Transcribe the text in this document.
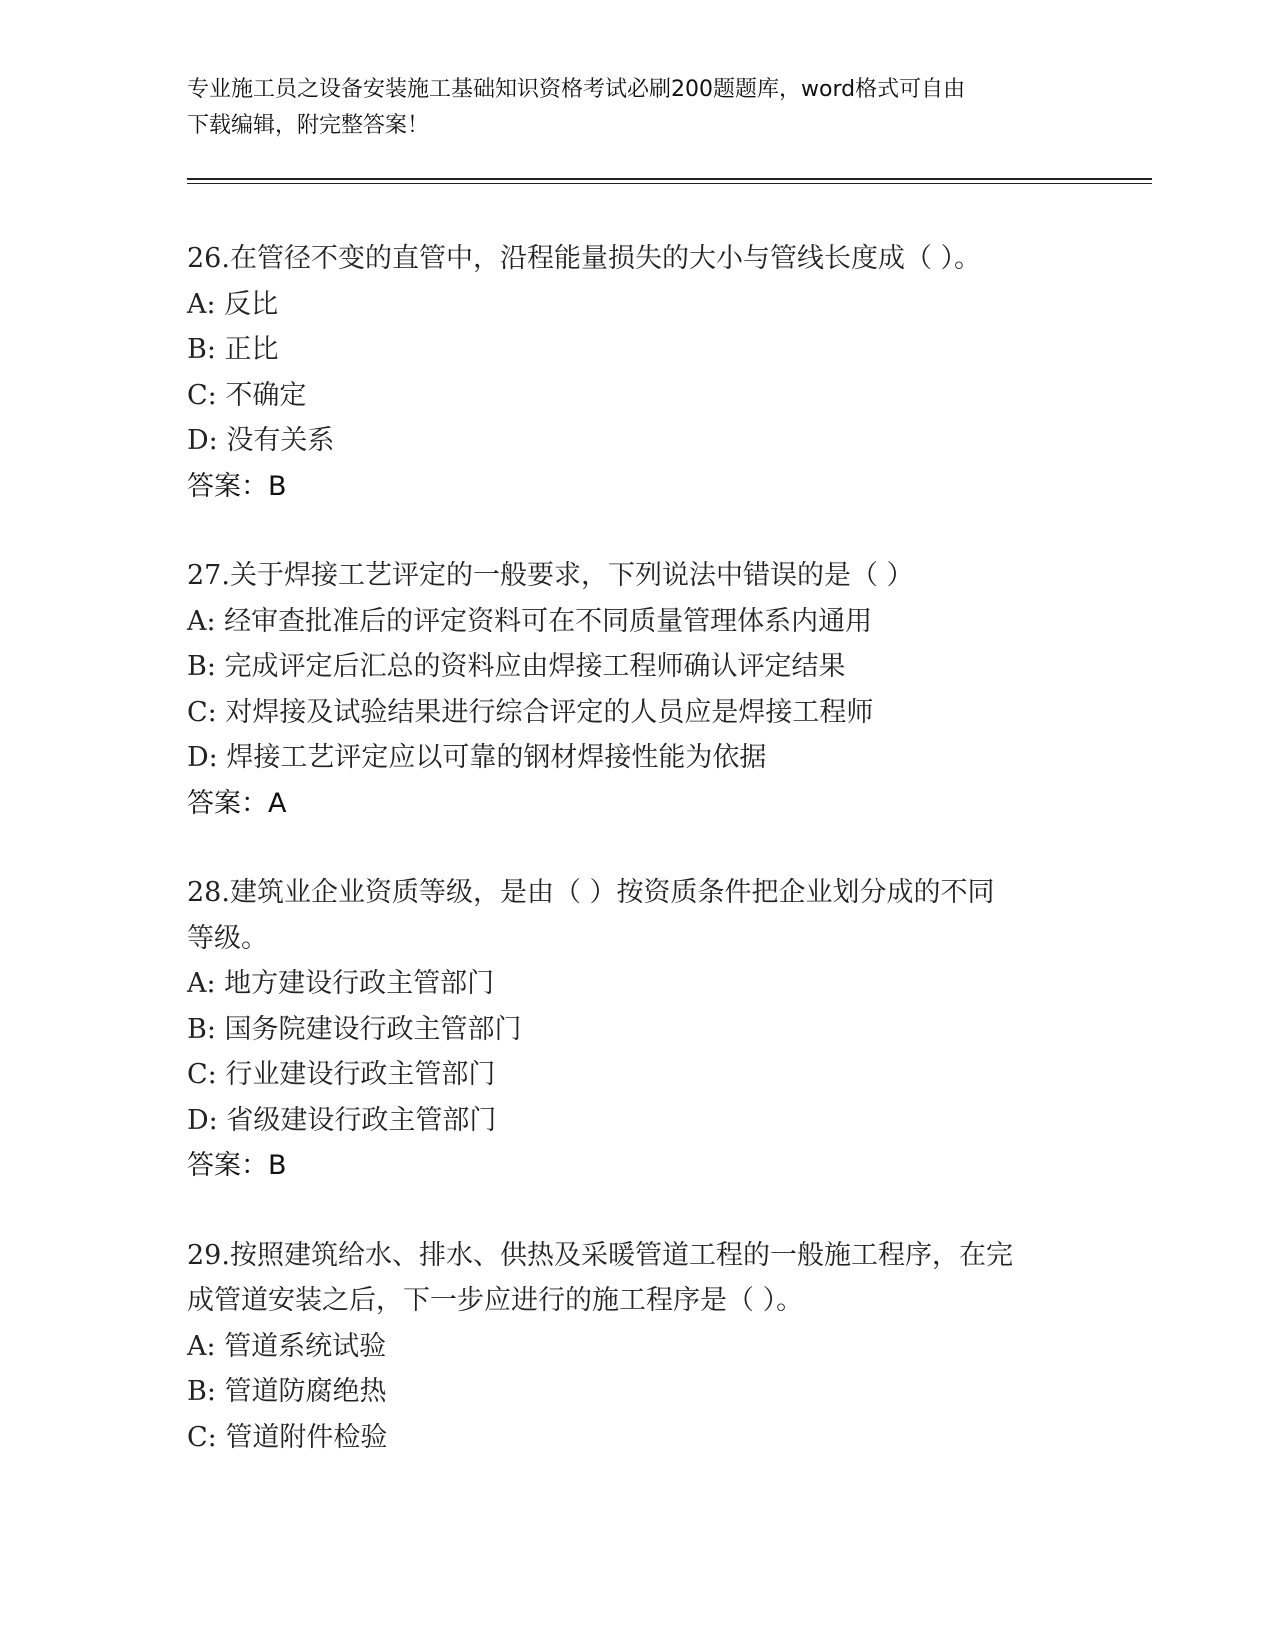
专业施工员之设备安装施工基础知识资格考试必刷200题题库，word格式可自由
下载编辑，附完整答案！
26.在管径不变的直管中，沿程能量损失的大小与管线长度成（ ）。
A: 反比
B: 正比
C: 不确定
D: 没有关系
答案：B
27.关于焊接工艺评定的一般要求，下列说法中错误的是（ ）
A: 经审查批准后的评定资料可在不同质量管理体系内通用
B: 完成评定后汇总的资料应由焊接工程师确认评定结果
C: 对焊接及试验结果进行综合评定的人员应是焊接工程师
D: 焊接工艺评定应以可靠的钢材焊接性能为依据
答案：A
28.建筑业企业资质等级，是由（ ）按资质条件把企业划分成的不同
等级。
A: 地方建设行政主管部门
B: 国务院建设行政主管部门
C: 行业建设行政主管部门
D: 省级建设行政主管部门
答案：B
29.按照建筑给水、排水、供热及采暖管道工程的一般施工程序，在完
成管道安装之后，下一步应进行的施工程序是（ ）。
A: 管道系统试验
B: 管道防腐绝热
C: 管道附件检验
